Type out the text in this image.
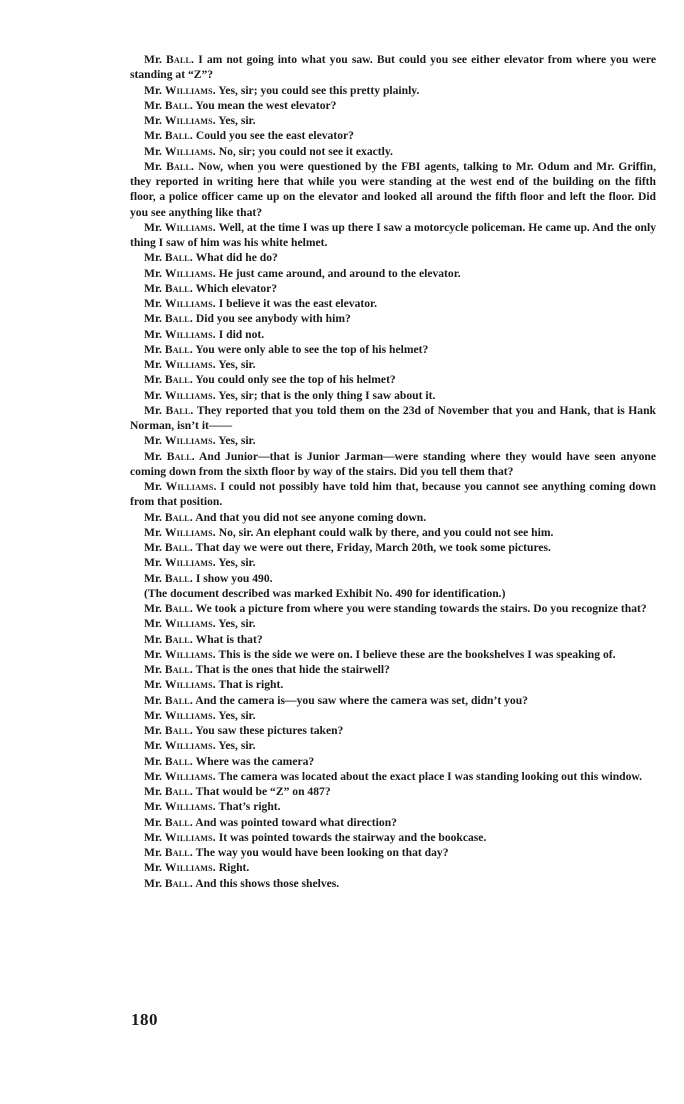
Mr. Ball. I am not going into what you saw. But could you see either elevator from where you were standing at “Z”?

Mr. Williams. Yes, sir; you could see this pretty plainly.

Mr. Ball. You mean the west elevator?

Mr. Williams. Yes, sir.

Mr. Ball. Could you see the east elevator?

Mr. Williams. No, sir; you could not see it exactly.

Mr. Ball. Now, when you were questioned by the FBI agents, talking to Mr. Odum and Mr. Griffin, they reported in writing here that while you were standing at the west end of the building on the fifth floor, a police officer came up on the elevator and looked all around the fifth floor and left the floor. Did you see anything like that?

Mr. Williams. Well, at the time I was up there I saw a motorcycle policeman. He came up. And the only thing I saw of him was his white helmet.

Mr. Ball. What did he do?

Mr. Williams. He just came around, and around to the elevator.

Mr. Ball. Which elevator?

Mr. Williams. I believe it was the east elevator.

Mr. Ball. Did you see anybody with him?

Mr. Williams. I did not.

Mr. Ball. You were only able to see the top of his helmet?

Mr. Williams. Yes, sir.

Mr. Ball. You could only see the top of his helmet?

Mr. Williams. Yes, sir; that is the only thing I saw about it.

Mr. Ball. They reported that you told them on the 23d of November that you and Hank, that is Hank Norman, isn’t it——

Mr. Williams. Yes, sir.

Mr. Ball. And Junior—that is Junior Jarman—were standing where they would have seen anyone coming down from the sixth floor by way of the stairs. Did you tell them that?

Mr. Williams. I could not possibly have told him that, because you cannot see anything coming down from that position.

Mr. Ball. And that you did not see anyone coming down.

Mr. Williams. No, sir. An elephant could walk by there, and you could not see him.

Mr. Ball. That day we were out there, Friday, March 20th, we took some pictures.

Mr. Williams. Yes, sir.

Mr. Ball. I show you 490.

(The document described was marked Exhibit No. 490 for identification.)

Mr. Ball. We took a picture from where you were standing towards the stairs. Do you recognize that?

Mr. Williams. Yes, sir.

Mr. Ball. What is that?

Mr. Williams. This is the side we were on. I believe these are the bookshelves I was speaking of.

Mr. Ball. That is the ones that hide the stairwell?

Mr. Williams. That is right.

Mr. Ball. And the camera is—you saw where the camera was set, didn’t you?

Mr. Williams. Yes, sir.

Mr. Ball. You saw these pictures taken?

Mr. Williams. Yes, sir.

Mr. Ball. Where was the camera?

Mr. Williams. The camera was located about the exact place I was standing looking out this window.

Mr. Ball. That would be “Z” on 487?

Mr. Williams. That’s right.

Mr. Ball. And was pointed toward what direction?

Mr. Williams. It was pointed towards the stairway and the bookcase.

Mr. Ball. The way you would have been looking on that day?

Mr. Williams. Right.

Mr. Ball. And this shows those shelves.

180
